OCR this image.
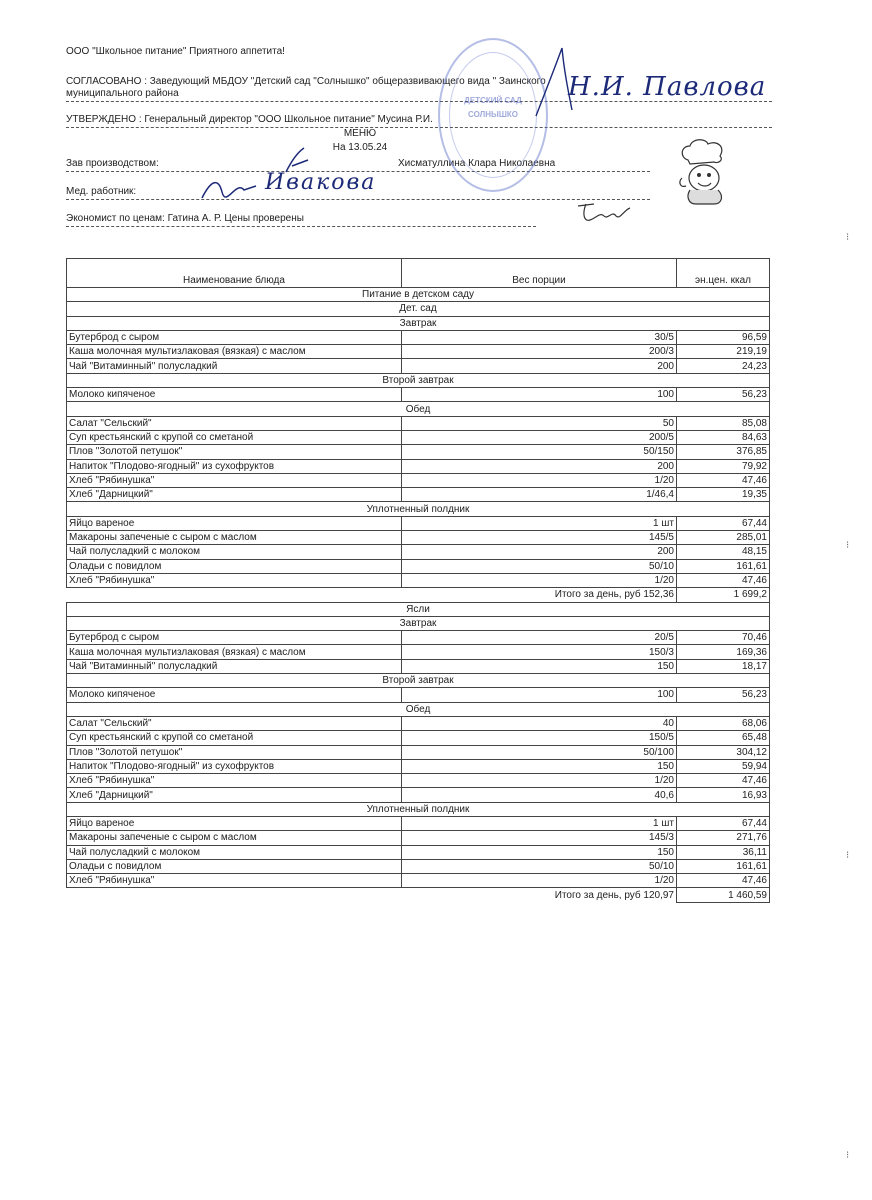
ООО "Школьное питание" Приятного аппетита!
СОГЛАСОВАНО : Заведующий МБДОУ "Детский сад "Солнышко" общеразвивающего вида " Заинского
муниципального района
УТВЕРЖДЕНО : Генеральный директор "ООО Школьное питание" Мусина Р.И.
МЕНЮ
На 13.05.24
Зав производством:	Хисматуллина Клара Николаевна
Мед. работник:
Экономист по ценам: Гатина А. Р. Цены проверены
ДЕТСКИЙ САД
СОЛНЫШКО
Н.И. Павлова
Ивакова
Наименование блюда	Вес порции	эн.цен. ккал
Питание в детском саду		
Дет. сад		
Завтрак		
Бутерброд с сыром	30/5	96,59
Каша молочная мультизлаковая (вязкая) с маслом	200/3	219,19
Чай "Витаминный" полусладкий	200	24,23
Второй завтрак		
Молоко кипяченое	100	56,23
Обед		
Салат "Сельский"	50	85,08
Суп крестьянский с крупой со сметаной	200/5	84,63
Плов "Золотой петушок"	50/150	376,85
Напиток "Плодово-ягодный" из сухофруктов	200	79,92
Хлеб "Рябинушка"	1/20	47,46
Хлеб "Дарницкий"	1/46,4	19,35
Уплотненный полдник		
Яйцо вареное	1 шт	67,44
Макароны запеченые с сыром с маслом	145/5	285,01
Чай полусладкий с молоком	200	48,15
Оладьи с повидлом	50/10	161,61
Хлеб "Рябинушка"	1/20	47,46
	Итого за день, руб 152,36	1 699,2
Ясли		
Завтрак		
Бутерброд с сыром	20/5	70,46
Каша молочная мультизлаковая (вязкая) с маслом	150/3	169,36
Чай "Витаминный" полусладкий	150	18,17
Второй завтрак		
Молоко кипяченое	100	56,23
Обед		
Салат "Сельский"	40	68,06
Суп крестьянский с крупой со сметаной	150/5	65,48
Плов "Золотой петушок"	50/100	304,12
Напиток "Плодово-ягодный" из сухофруктов	150	59,94
Хлеб "Рябинушка"	1/20	47,46
Хлеб "Дарницкий"	40,6	16,93
Уплотненный полдник		
Яйцо вареное	1 шт	67,44
Макароны запеченые с сыром с маслом	145/3	271,76
Чай полусладкий с молоком	150	36,11
Оладьи с повидлом	50/10	161,61
Хлеб "Рябинушка"	1/20	47,46
	Итого за день, руб 120,97	1 460,59
⁝
⁝
⁝
⁝
